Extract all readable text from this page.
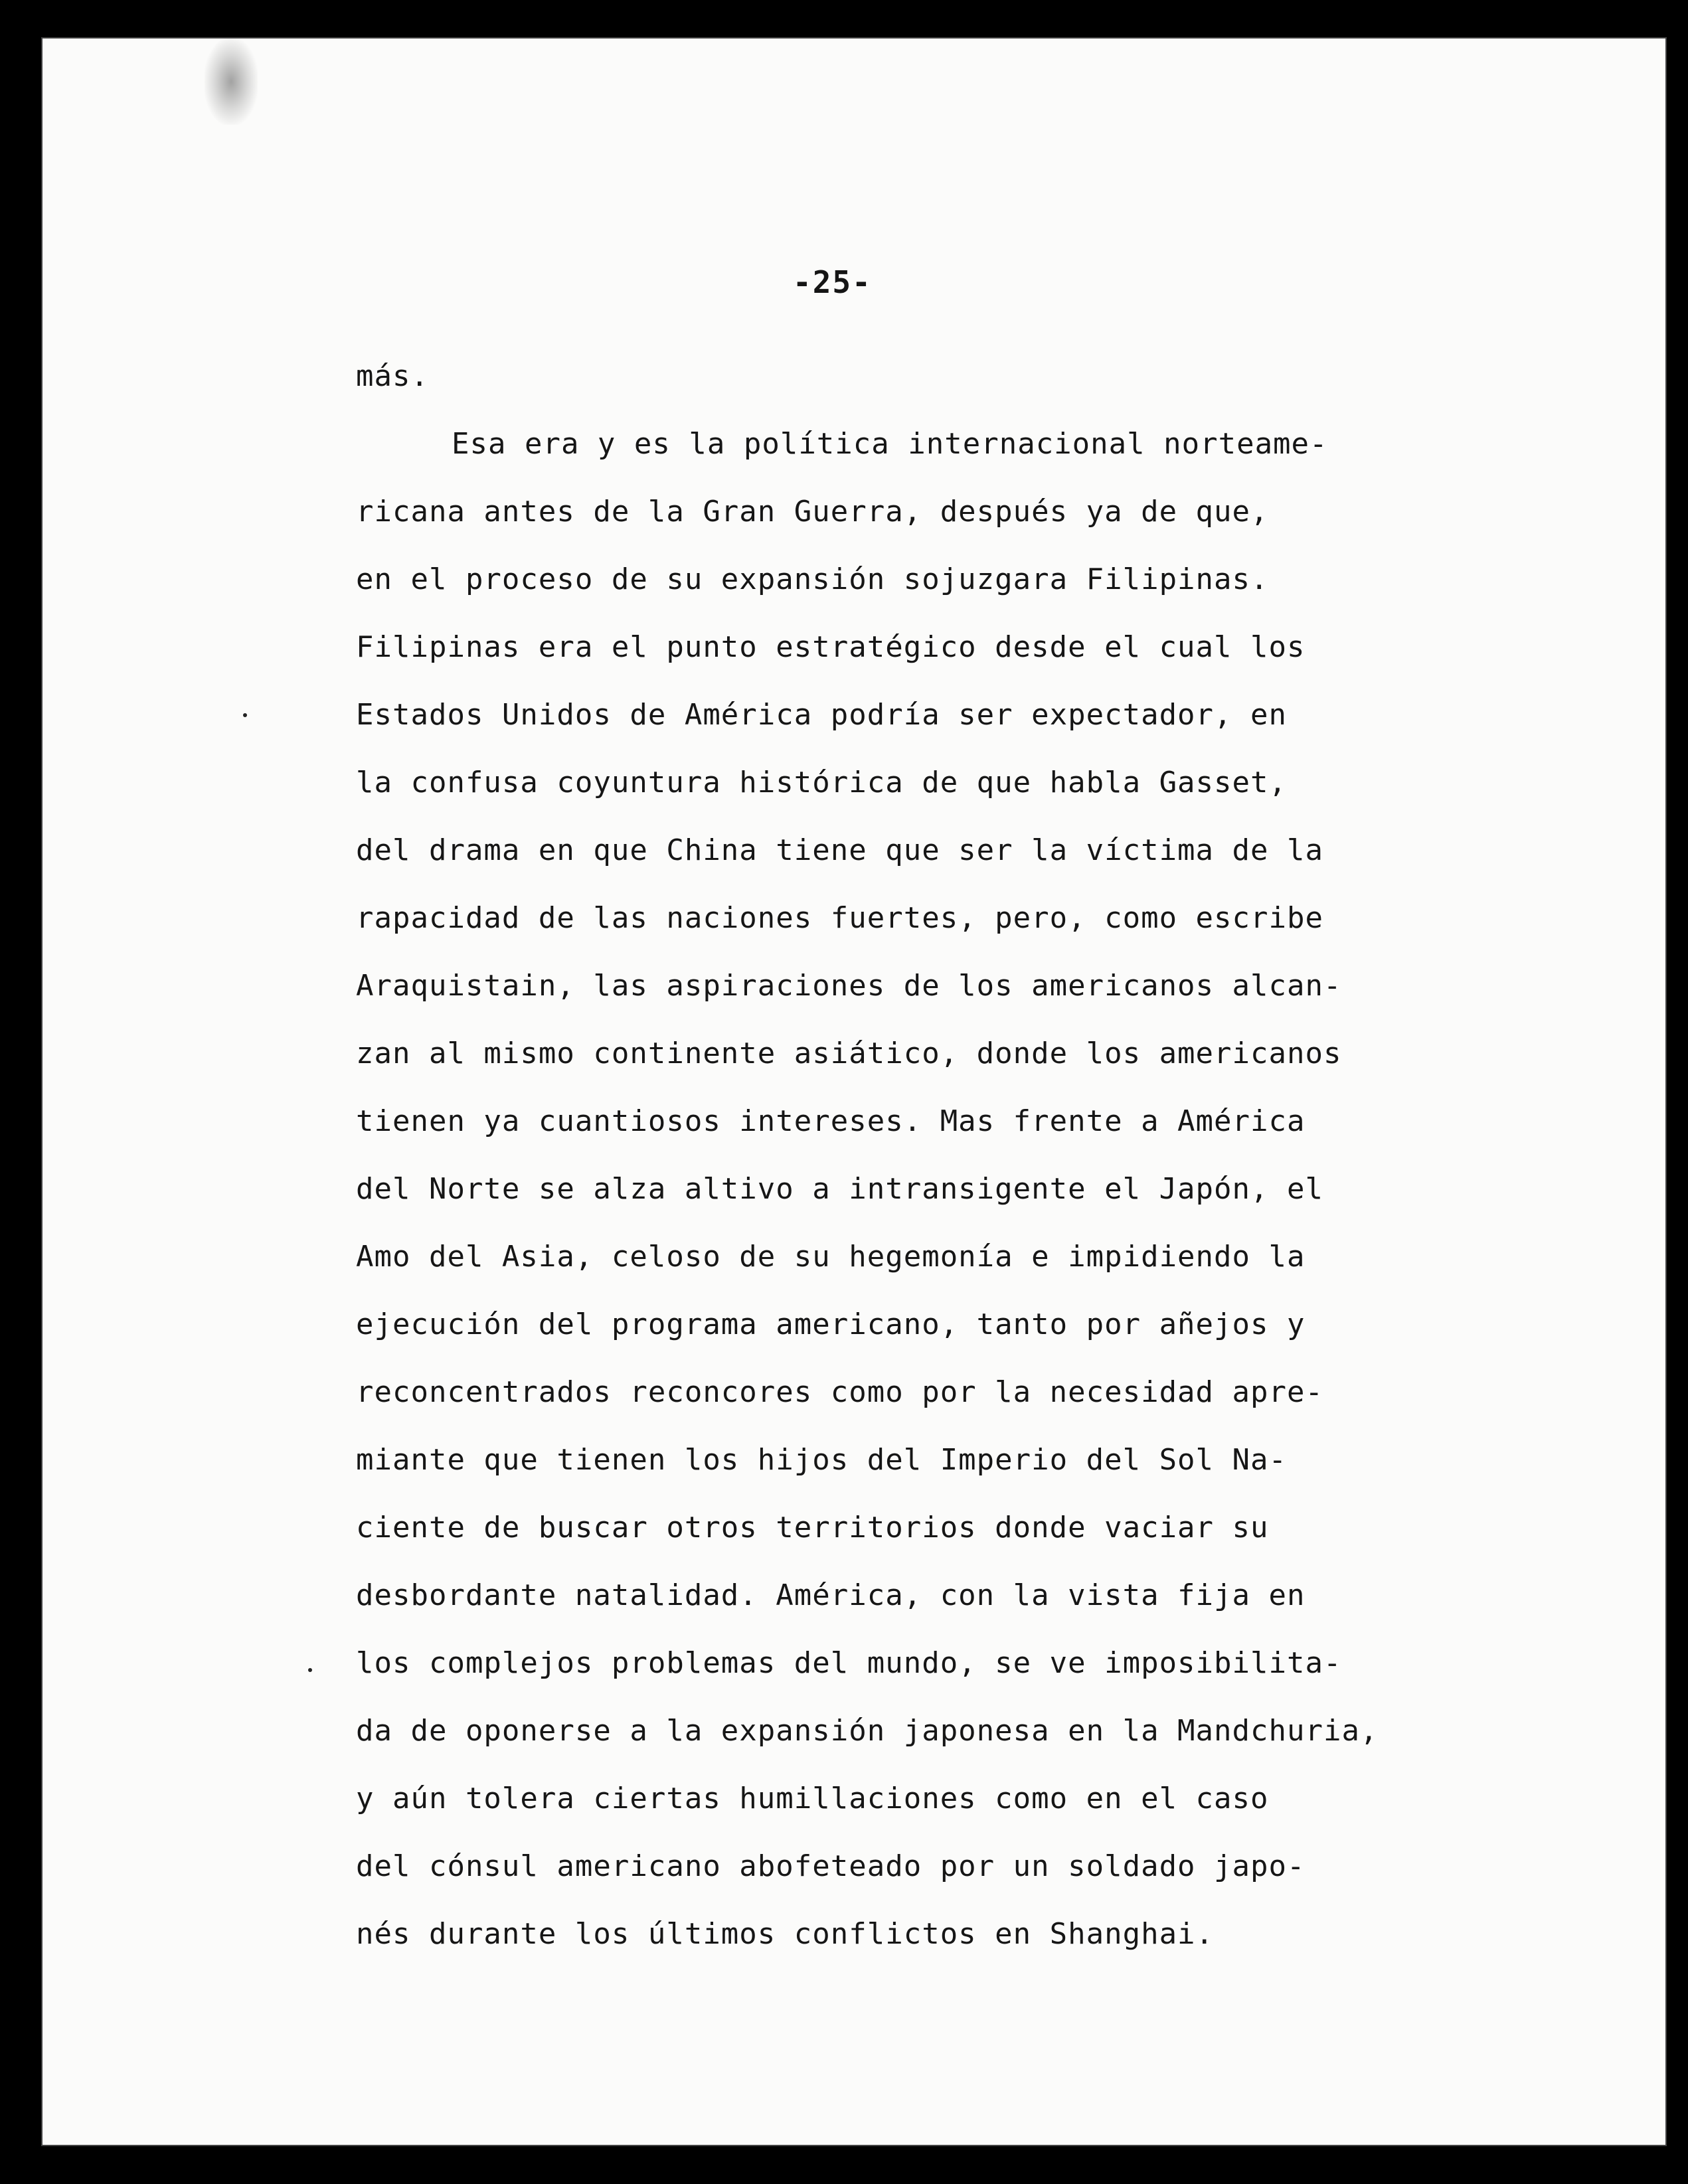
-25-
más.
Esa era y es la política internacional norteame-
ricana antes de la Gran Guerra, después ya de que,
en el proceso de su expansión sojuzgara Filipinas.
Filipinas era el punto estratégico desde el cual los
Estados Unidos de América podría ser expectador, en
la confusa coyuntura histórica de que habla Gasset,
del drama en que China tiene que ser la víctima de la
rapacidad de las naciones fuertes, pero, como escribe
Araquistain, las aspiraciones de los americanos alcan-
zan al mismo continente asiático, donde los americanos
tienen ya cuantiosos intereses. Mas frente a América
del Norte se alza altivo a intransigente el Japón, el
Amo del Asia, celoso de su hegemonía e impidiendo la
ejecución del programa americano, tanto por añejos y
reconcentrados reconcores como por la necesidad apre-
miante que tienen los hijos del Imperio del Sol Na-
ciente de buscar otros territorios donde vaciar su
desbordante natalidad. América, con la vista fija en
los complejos problemas del mundo, se ve imposibilita-
da de oponerse a la expansión japonesa en la Mandchuria,
y aún tolera ciertas humillaciones como en el caso
del cónsul americano abofeteado por un soldado japo-
nés durante los últimos conflictos en Shanghai.
